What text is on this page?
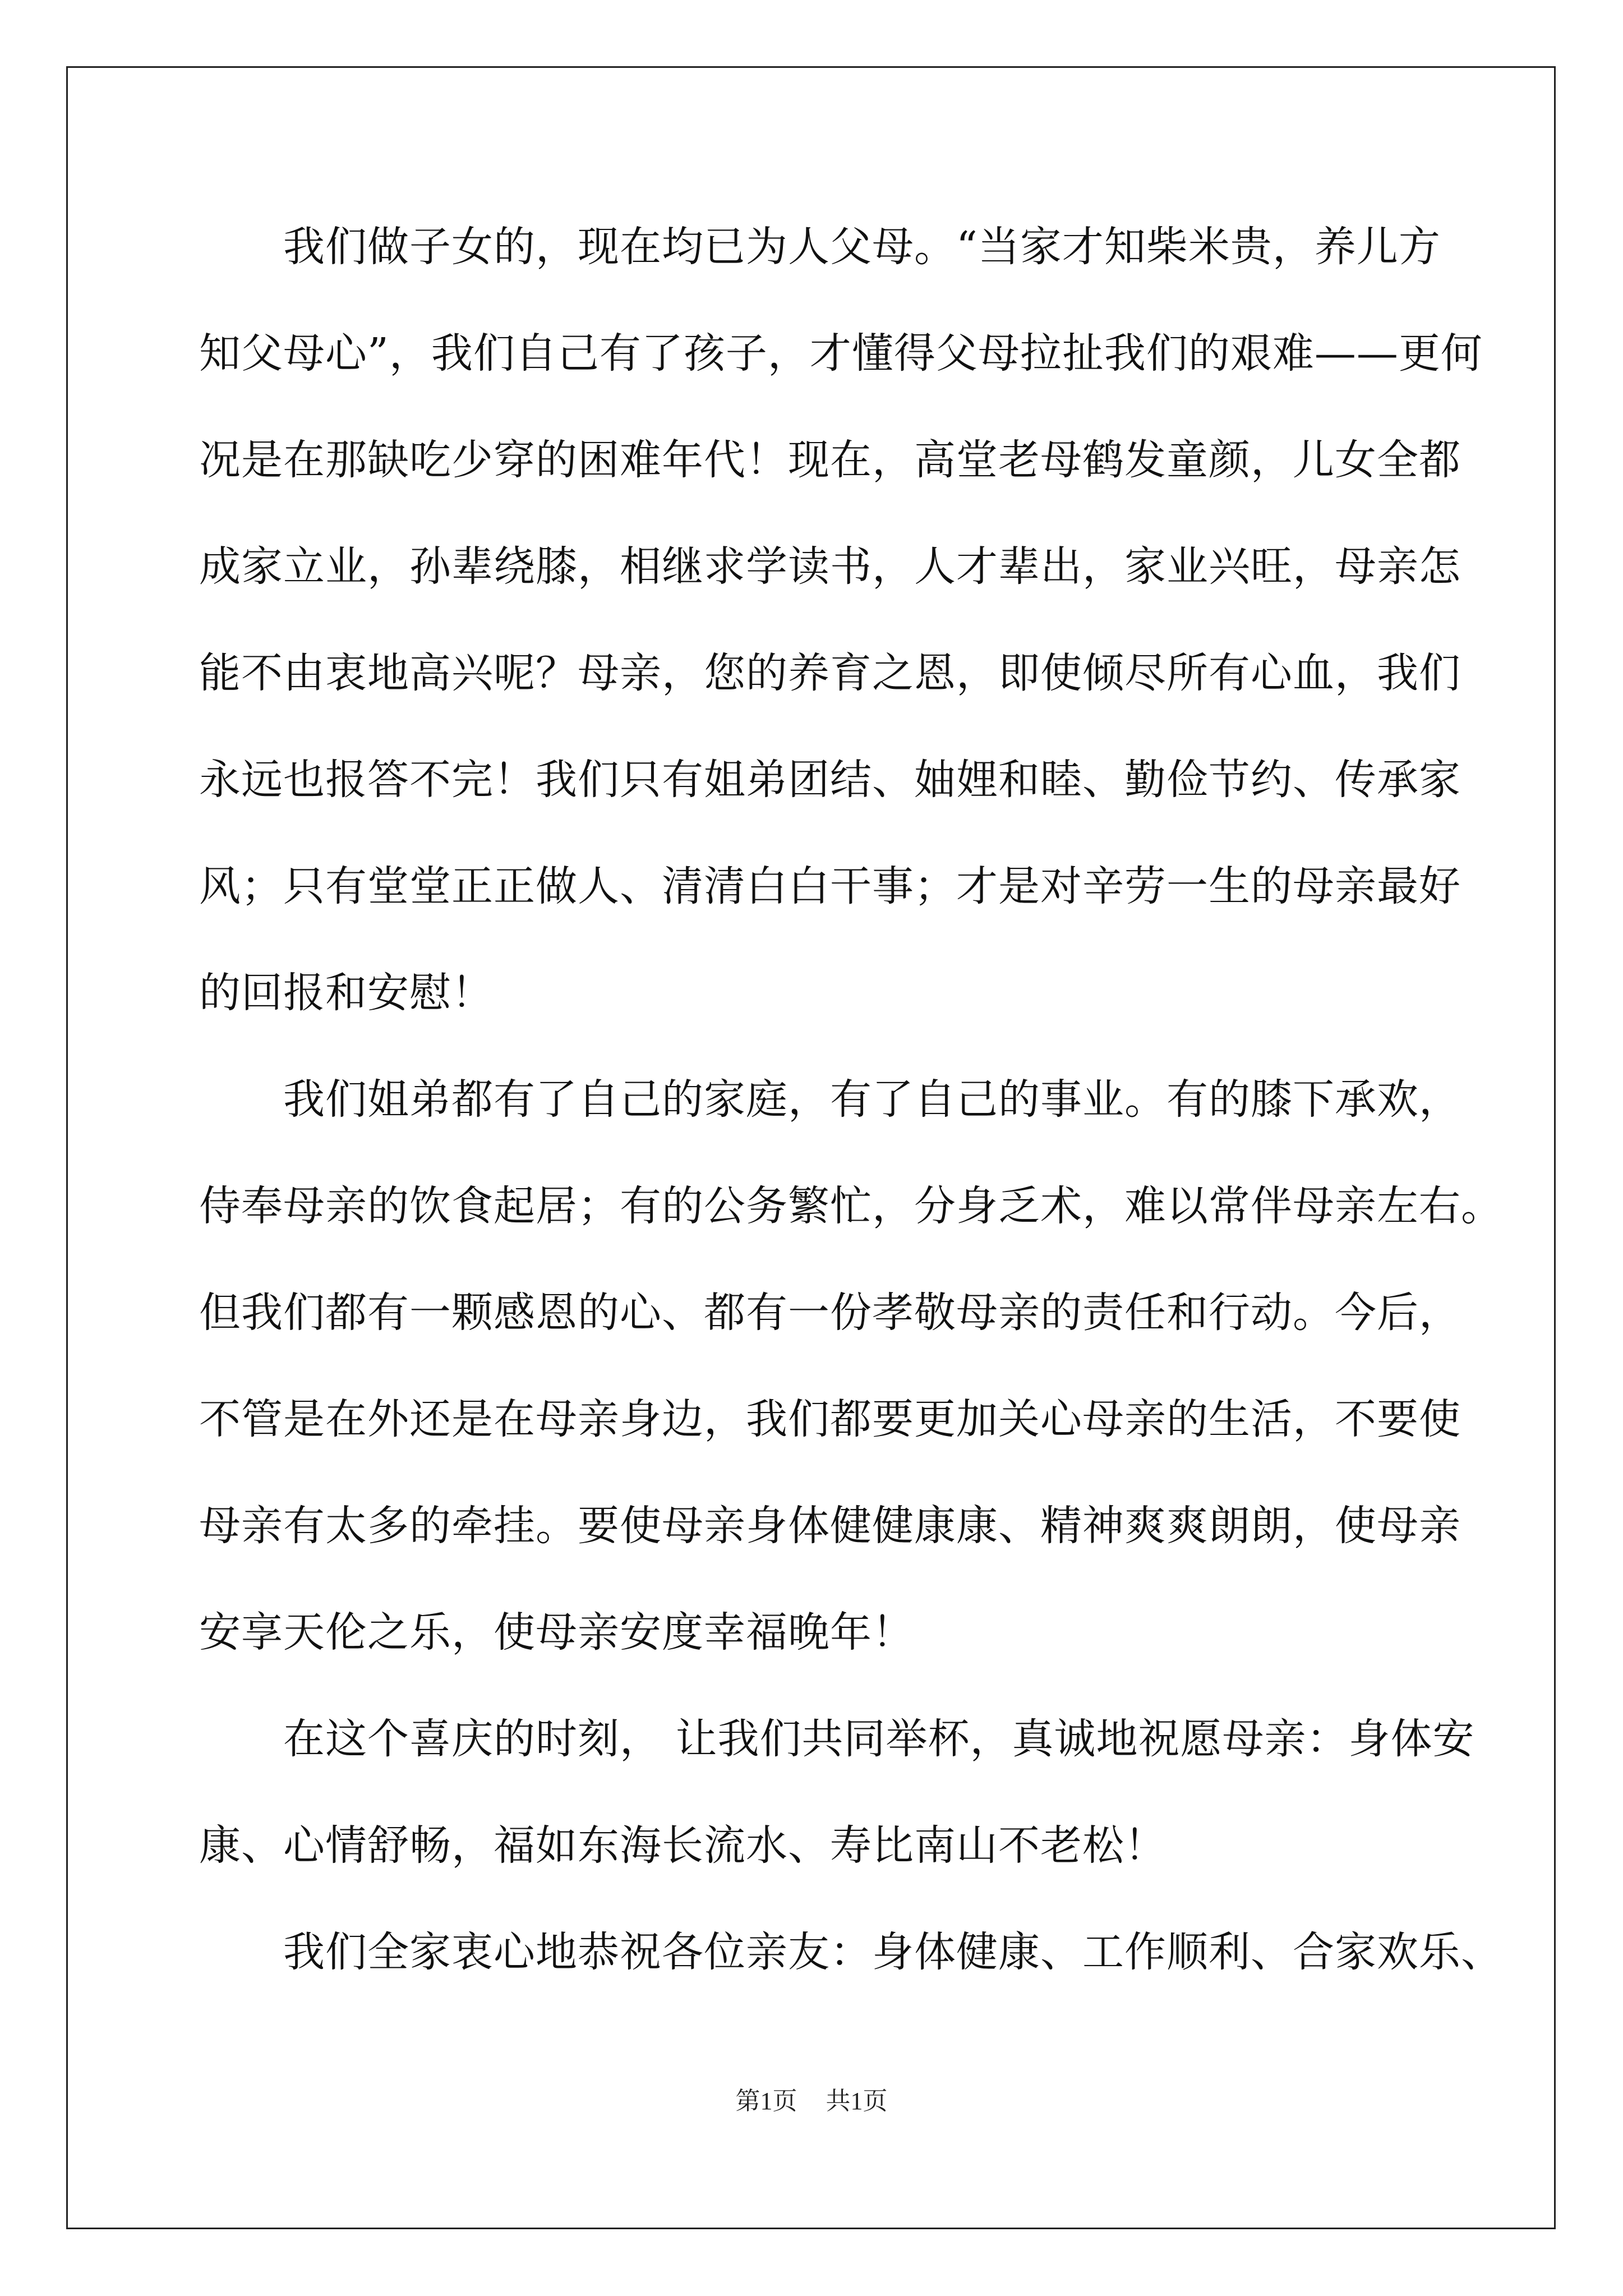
我们做子女的，现在均已为人父母。“当家才知柴米贵，养儿方
知父母心”，我们自己有了孩子，才懂得父母拉扯我们的艰难——更何
况是在那缺吃少穿的困难年代！现在，高堂老母鹤发童颜，儿女全都
成家立业，孙辈绕膝，相继求学读书，人才辈出，家业兴旺，母亲怎
能不由衷地高兴呢？母亲，您的养育之恩，即使倾尽所有心血，我们
永远也报答不完！我们只有姐弟团结、妯娌和睦、勤俭节约、传承家
风；只有堂堂正正做人、清清白白干事；才是对辛劳一生的母亲最好
的回报和安慰！
我们姐弟都有了自己的家庭，有了自己的事业。有的膝下承欢，
侍奉母亲的饮食起居；有的公务繁忙，分身乏术，难以常伴母亲左右。
但我们都有一颗感恩的心、都有一份孝敬母亲的责任和行动。今后，
不管是在外还是在母亲身边，我们都要更加关心母亲的生活，不要使
母亲有太多的牵挂。要使母亲身体健健康康、精神爽爽朗朗，使母亲
安享天伦之乐，使母亲安度幸福晚年！
在这个喜庆的时刻， 让我们共同举杯，真诚地祝愿母亲：身体安
康、心情舒畅，福如东海长流水、寿比南山不老松！
我们全家衷心地恭祝各位亲友：身体健康、工作顺利、合家欢乐、
第1页 共1页
